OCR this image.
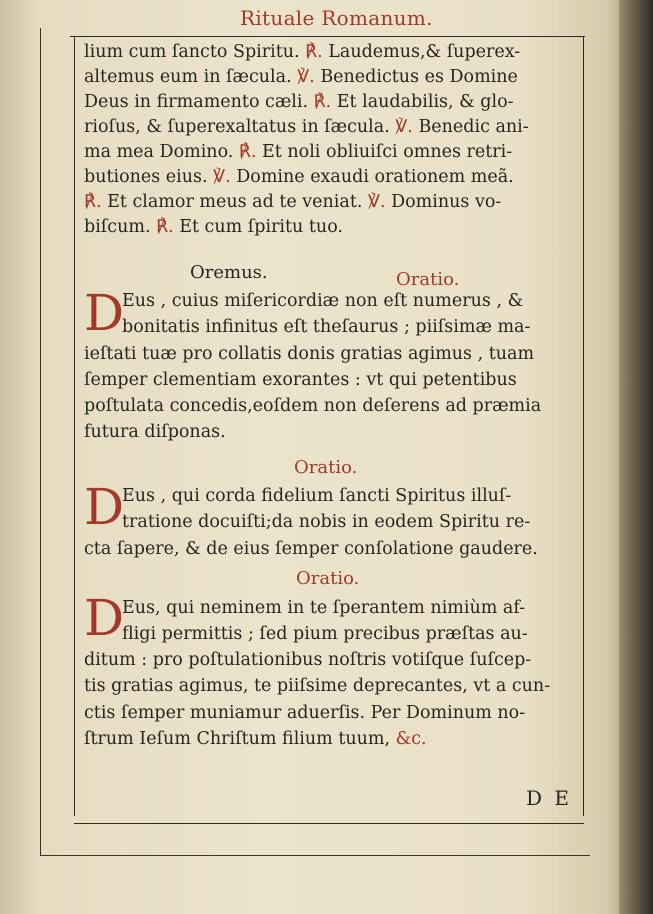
Rituale Romanum.
lium cum ſancto Spiritu. ℟. Laudemus,& ſuperex-
altemus eum in ſæcula. ℣. Benedictus es Domine
Deus in firmamento cæli. ℟. Et laudabilis, & glo-
rioſus, & ſuperexaltatus in ſæcula. ℣. Benedic ani-
ma mea Domino. ℟. Et noli obliuiſci omnes retri-
butiones eius. ℣. Domine exaudi orationem meã.
℟. Et clamor meus ad te veniat. ℣. Dominus vo-
biſcum. ℟. Et cum ſpiritu tuo.
Oremus.	Oratio.
D
Eus , cuius miſericordiæ non eſt numerus , &
bonitatis infinitus eſt theſaurus ; piiſsimæ ma-
ieſtati tuæ pro collatis donis gratias agimus , tuam
ſemper clementiam exorantes : vt qui petentibus
poſtulata concedis,eoſdem non deſerens ad præmia
futura diſponas.
Oratio.
D
Eus , qui corda fidelium ſancti Spiritus illuſ-
tratione docuiſti;da nobis in eodem Spiritu re-
cta ſapere, & de eius ſemper conſolatione gaudere.
Oratio.
D
Eus, qui neminem in te ſperantem nimiùm af-
fligi permittis ; ſed pium precibus præſtas au-
ditum : pro poſtulationibus noſtris votiſque ſuſcep-
tis gratias agimus, te piiſsime deprecantes, vt a cun-
ctis ſemper muniamur aduerſis. Per Dominum no-
ſtrum Ieſum Chriſtum filium tuum, &c.
D E
